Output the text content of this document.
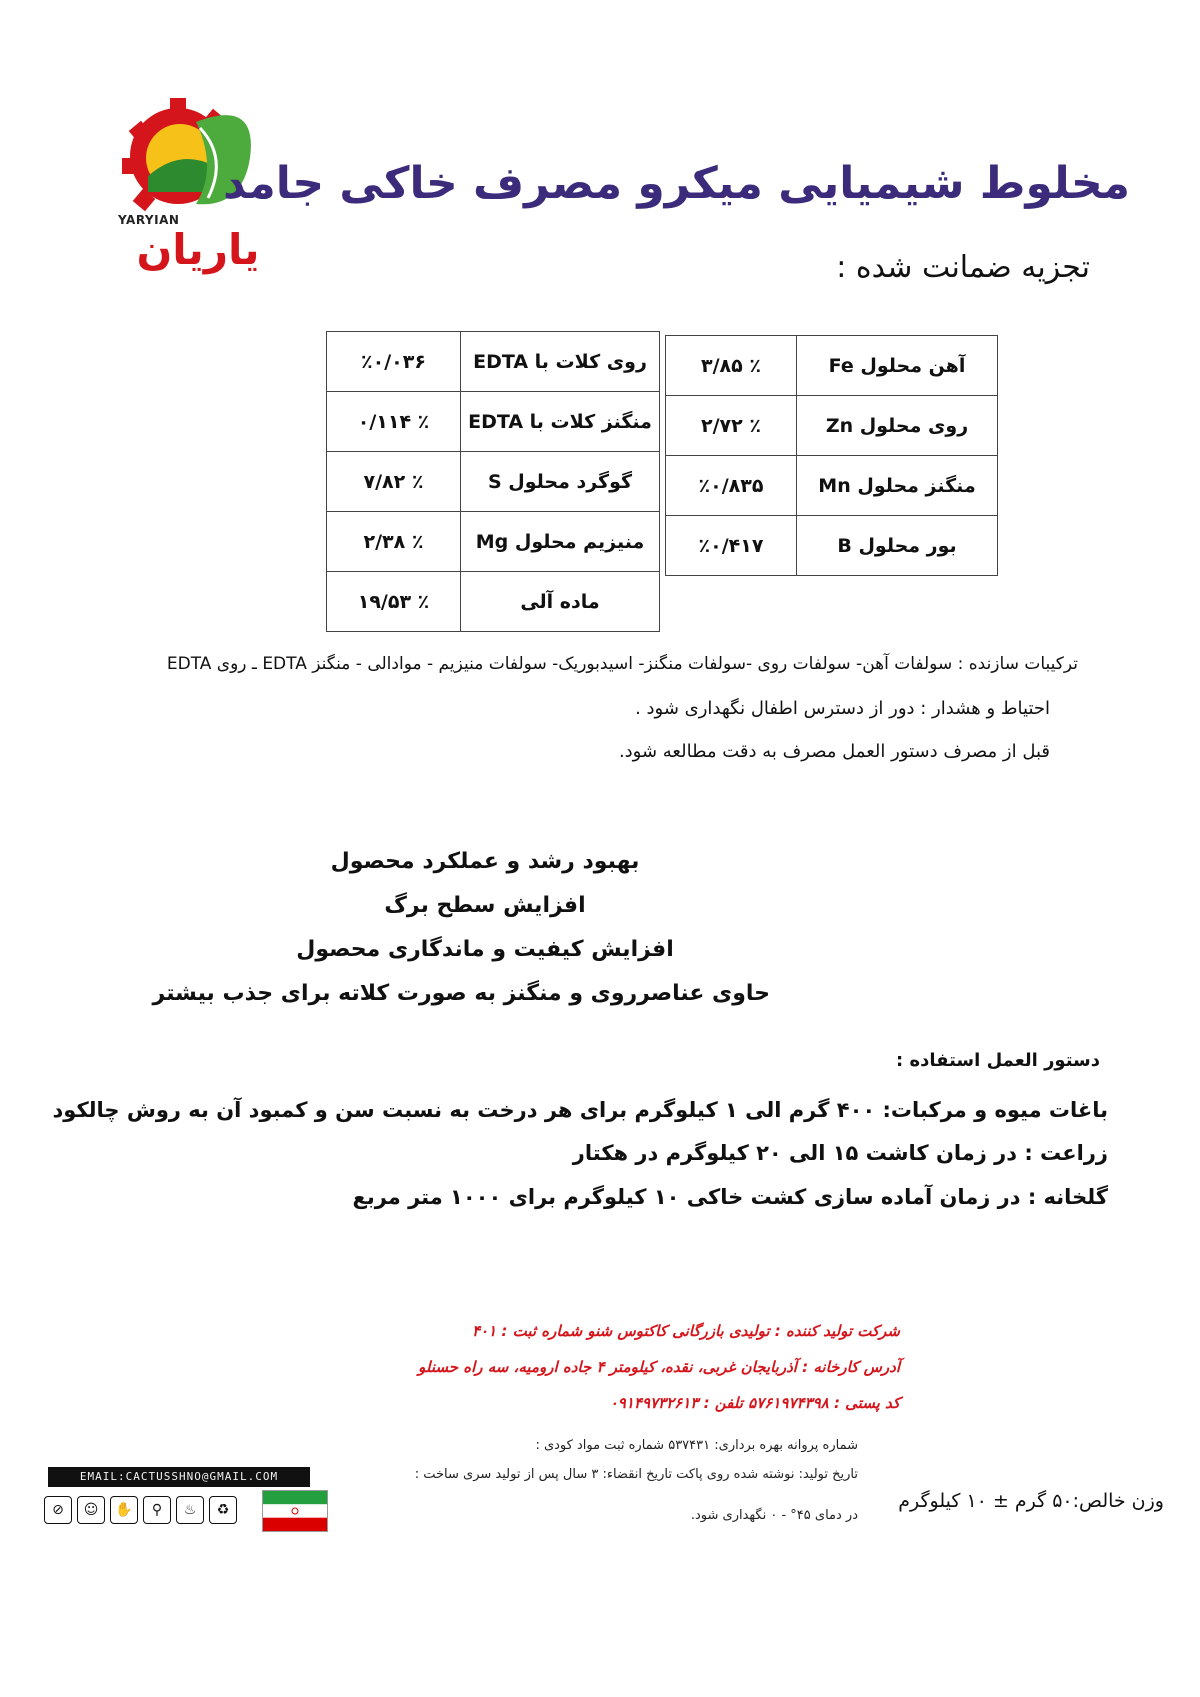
YARYIAN
یاریان
مخلوط شیمیایی میکرو مصرف خاکی جامد
تجزیه ضمانت شده :
آهن محلول Fe	٪ ۳/۸۵
روی محلول Zn	٪ ۲/۷۲
منگنز محلول Mn	٪۰/۸۳۵
بور محلول B	٪۰/۴۱۷
روی کلات با EDTA	٪۰/۰۳۶
منگنز کلات با EDTA	٪ ۰/۱۱۴
گوگرد محلول S	٪ ۷/۸۲
منیزیم محلول Mg	٪ ۲/۳۸
ماده آلی	٪ ۱۹/۵۳
ترکیبات سازنده : سولفات آهن- سولفات روی -سولفات منگنز- اسیدبوریک- سولفات منیزیم - موادالی - منگنز EDTA ـ روی EDTA
احتیاط و هشدار : دور از دسترس اطفال نگهداری شود .
قبل از مصرف دستور العمل مصرف به دقت مطالعه شود.
بهبود رشد و عملکرد محصول
افزایش سطح برگ
افزایش کیفیت و ماندگاری محصول
حاوی عناصرروی و منگنز به صورت کلاته برای جذب بیشتر
دستور العمل استفاده :
باغات میوه و مرکبات: ۴۰۰ گرم الی ۱ کیلوگرم برای هر درخت به نسبت سن و کمبود آن به روش چالکود
زراعت : در زمان کاشت ۱۵ الی ۲۰ کیلوگرم در هکتار
گلخانه : در زمان آماده سازی کشت خاکی ۱۰ کیلوگرم برای ۱۰۰۰ متر مربع
شرکت تولید کننده : تولیدی بازرگانی کاکتوس شنو شماره ثبت : ۴۰۱
آدرس کارخانه : آذربایجان غربی، نقده، کیلومتر ۴ جاده ارومیه، سه راه حسنلو
کد پستی : ۵۷۶۱۹۷۴۳۹۸ تلفن : ۰۹۱۴۹۷۳۲۶۱۳
شماره پروانه بهره برداری: ۵۳۷۴۳۱ شماره ثبت مواد کودی :
تاریخ تولید: نوشته شده روی پاکت تاریخ انقضاء: ۳ سال پس از تولید سری ساخت :
در دمای ۴۵° - ۰ نگهداری شود.
وزن خالص:۵۰ گرم ± ۱۰ کیلوگرم
EMAIL:CACTUSSHNO@GMAIL.COM
⊘	☺	✋	⚲	♨	♻
